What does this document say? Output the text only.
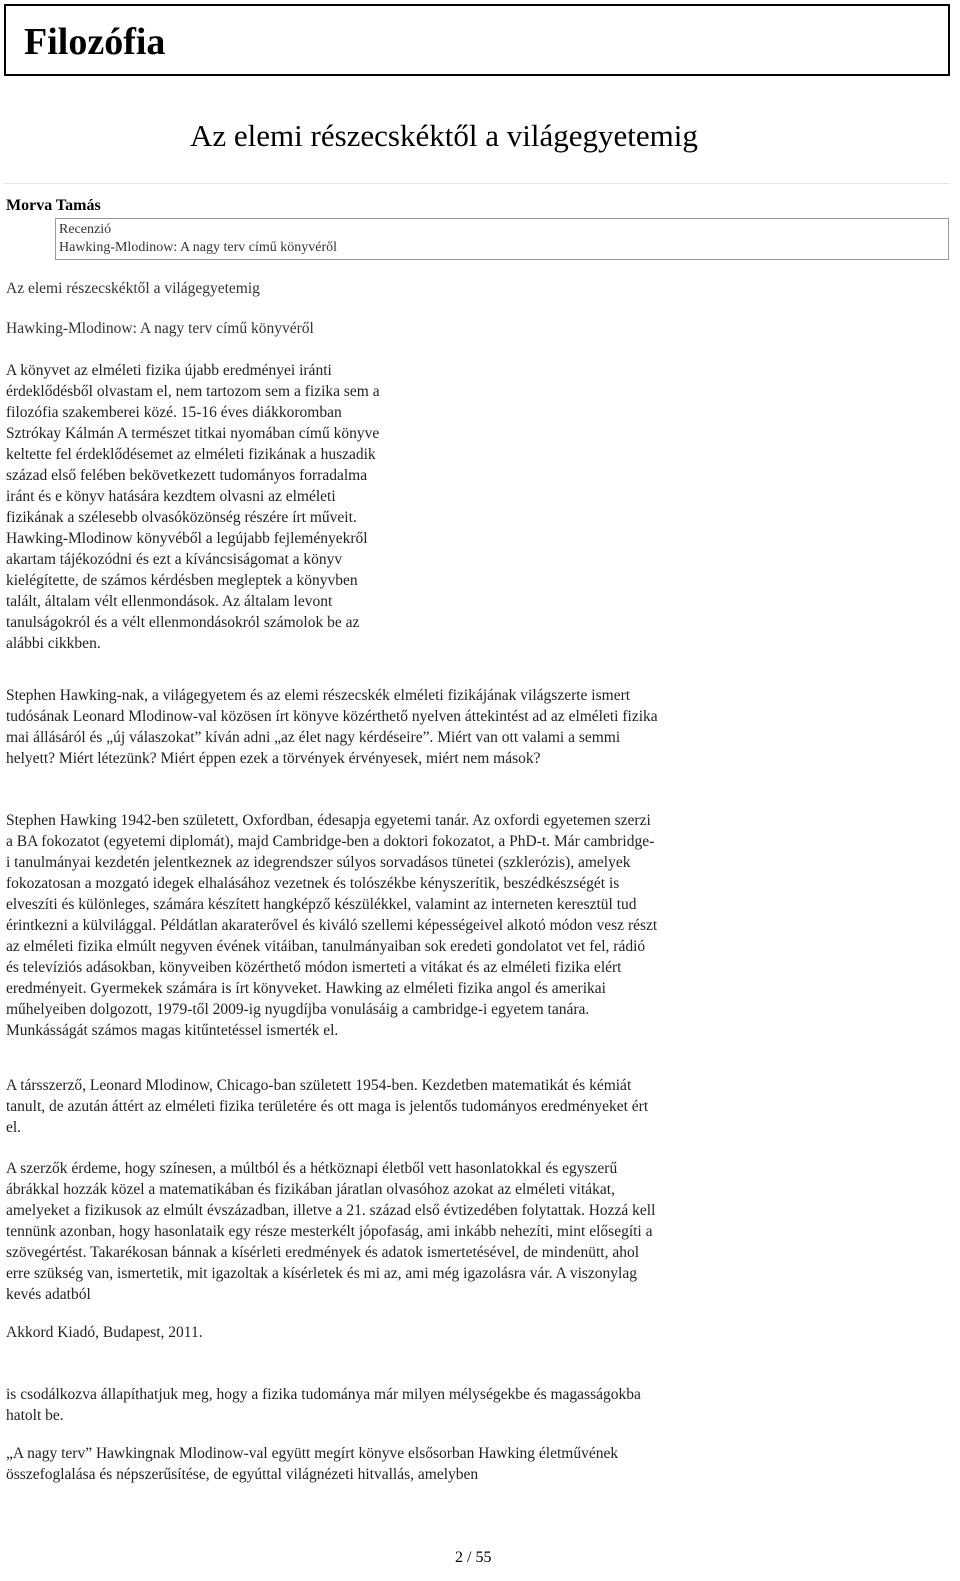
Filozófia
Az elemi részecskéktől a világegyetemig
Morva Tamás
Recenzió
Hawking-Mlodinow: A nagy terv című könyvéről
Az elemi részecskéktől a világegyetemig
Hawking-Mlodinow: A nagy terv című könyvéről

A könyvet az elméleti fizika újabb eredményei iránti érdeklődésből olvastam el, nem tartozom sem a fizika sem a filozófia szakemberei közé. 15-16 éves diákkoromban Sztrókay Kálmán A természet titkai nyomában című könyve keltette fel érdeklődésemet az elméleti fizikának a huszadik század első felében bekövetkezett tudományos forradalma iránt és e könyv hatására kezdtem olvasni az elméleti fizikának a szélesebb olvasóközönség részére írt műveit. Hawking-Mlodinow könyvéből a legújabb fejleményekről akartam tájékozódni és ezt a kíváncsiságomat a könyv kielégítette, de számos kérdésben megleptek a könyvben talált, általam vélt ellenmondások. Az általam levont tanulságokról és a vélt ellenmondásokról számolok be az alábbi cikkben.

Stephen Hawking-nak, a világegyetem és az elemi részecskék elméleti fizikájának világszerte ismert tudósának Leonard Mlodinow-val közösen írt könyve közérthető nyelven áttekintést ad az elméleti fizika mai állásáról és „új válaszokat” kíván adni „az élet nagy kérdéseire”. Miért van ott valami a semmi helyett? Miért létezünk? Miért éppen ezek a törvények érvényesek, miért nem mások?

Stephen Hawking 1942-ben született, Oxfordban, édesapja egyetemi tanár. Az oxfordi egyetemen szerzi a BA fokozatot (egyetemi diplomát), majd Cambridge-ben a doktori fokozatot, a PhD-t. Már cambridge-i tanulmányai kezdetén jelentkeznek az idegrendszer súlyos sorvadásos tünetei (szklerózis), amelyek fokozatosan a mozgató idegek elhalásához vezetnek és tolószékbe kényszerítik, beszédkészségét is elveszíti és különleges, számára készített hangképző készülékkel, valamint az interneten keresztül tud érintkezni a külvilággal. Példátlan akaraterővel és kiváló szellemi képességeivel alkotó módon vesz részt az elméleti fizika elmúlt negyven évének vitáiban, tanulmányaiban sok eredeti gondolatot vet fel, rádió és televíziós adásokban, könyveiben közérthető módon ismerteti a vitákat és az elméleti fizika elért eredményeit. Gyermekek számára is írt könyveket. Hawking az elméleti fizika angol és amerikai műhelyeiben dolgozott, 1979-től 2009-ig nyugdíjba vonulásáig a cambridge-i egyetem tanára. Munkásságát számos magas kitűntetéssel ismerték el.

A társszerző, Leonard Mlodinow, Chicago-ban született 1954-ben. Kezdetben matematikát és kémiát tanult, de azután áttért az elméleti fizika területére és ott maga is jelentős tudományos eredményeket ért el.

A szerzők érdeme, hogy színesen, a múltból és a hétköznapi életből vett hasonlatokkal és egyszerű ábrákkal hozzák közel a matematikában és fizikában járatlan olvasóhoz azokat az elméleti vitákat, amelyeket a fizikusok az elmúlt évszázadban, illetve a 21. század első évtizedében folytattak. Hozzá kell tennünk azonban, hogy hasonlataik egy része mesterkélt jópofaság, ami inkább nehezíti, mint elősegíti a szövegértést. Takarékosan bánnak a kísérleti eredmények és adatok ismertetésével, de mindenütt, ahol erre szükség van, ismertetik, mit igazoltak a kísérletek és mi az, ami még igazolásra vár. A viszonylag kevés adatból

Akkord Kiadó, Budapest, 2011.

is csodálkozva állapíthatjuk meg, hogy a fizika tudománya már milyen mélységekbe és magasságokba hatolt be.

„A nagy terv” Hawkingnak Mlodinow-val együtt megírt könyve elsősorban Hawking életművének összefoglalása és népszerűsítése, de egyúttal világnézeti hitvallás, amelyben

2 / 55
